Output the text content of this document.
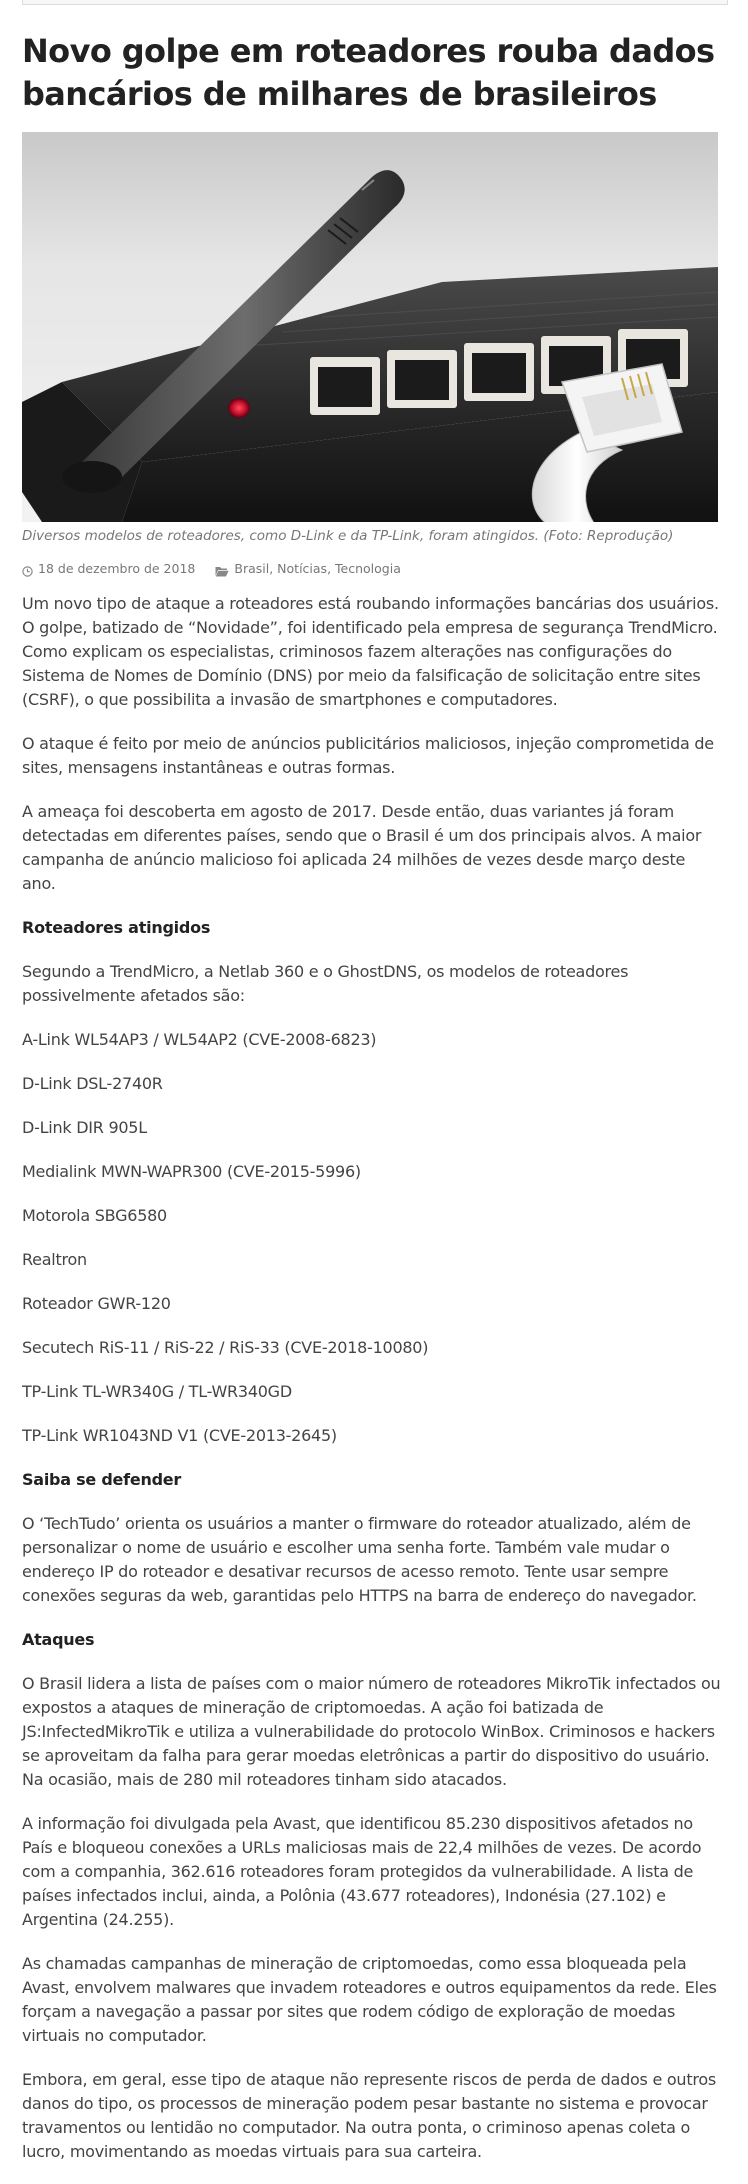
Novo golpe em roteadores rouba dados bancários de milhares de brasileiros
Diversos modelos de roteadores, como D-Link e da TP-Link, foram atingidos. (Foto: Reprodução)
18 de dezembro de 2018	Brasil , Notícias , Tecnologia

Um novo tipo de ataque a roteadores está roubando informações bancárias dos usuários. O golpe, batizado de “Novidade”, foi identificado pela empresa de segurança TrendMicro. Como explicam os especialistas, criminosos fazem alterações nas configurações do Sistema de Nomes de Domínio (DNS) por meio da falsificação de solicitação entre sites (CSRF), o que possibilita a invasão de smartphones e computadores.

O ataque é feito por meio de anúncios publicitários maliciosos, injeção comprometida de sites, mensagens instantâneas e outras formas.

A ameaça foi descoberta em agosto de 2017. Desde então, duas variantes já foram detectadas em diferentes países, sendo que o Brasil é um dos principais alvos. A maior campanha de anúncio malicioso foi aplicada 24 milhões de vezes desde março deste ano.

Roteadores atingidos

Segundo a TrendMicro, a Netlab 360 e o GhostDNS, os modelos de roteadores possivelmente afetados são:

A-Link WL54AP3 / WL54AP2 (CVE-2008-6823)
D-Link DSL-2740R
D-Link DIR 905L
Medialink MWN-WAPR300 (CVE-2015-5996)
Motorola SBG6580
Realtron
Roteador GWR-120
Secutech RiS-11 / RiS-22 / RiS-33 (CVE-2018-10080)
TP-Link TL-WR340G / TL-WR340GD
TP-Link WR1043ND V1 (CVE-2013-2645)
Saiba se defender

O ‘TechTudo’ orienta os usuários a manter o firmware do roteador atualizado, além de personalizar o nome de usuário e escolher uma senha forte. Também vale mudar o endereço IP do roteador e desativar recursos de acesso remoto. Tente usar sempre conexões seguras da web, garantidas pelo HTTPS na barra de endereço do navegador.

Ataques

O Brasil lidera a lista de países com o maior número de roteadores MikroTik infectados ou expostos a ataques de mineração de criptomoedas. A ação foi batizada de JS:InfectedMikroTik e utiliza a vulnerabilidade do protocolo WinBox. Criminosos e hackers se aproveitam da falha para gerar moedas eletrônicas a partir do dispositivo do usuário. Na ocasião, mais de 280 mil roteadores tinham sido atacados.

A informação foi divulgada pela Avast, que identificou 85.230 dispositivos afetados no País e bloqueou conexões a URLs maliciosas mais de 22,4 milhões de vezes. De acordo com a companhia, 362.616 roteadores foram protegidos da vulnerabilidade. A lista de países infectados inclui, ainda, a Polônia (43.677 roteadores), Indonésia (27.102) e Argentina (24.255).

As chamadas campanhas de mineração de criptomoedas, como essa bloqueada pela Avast, envolvem malwares que invadem roteadores e outros equipamentos da rede. Eles forçam a navegação a passar por sites que rodem código de exploração de moedas virtuais no computador.

Embora, em geral, esse tipo de ataque não represente riscos de perda de dados e outros danos do tipo, os processos de mineração podem pesar bastante no sistema e provocar travamentos ou lentidão no computador. Na outra ponta, o criminoso apenas coleta o lucro, movimentando as moedas virtuais para sua carteira.
